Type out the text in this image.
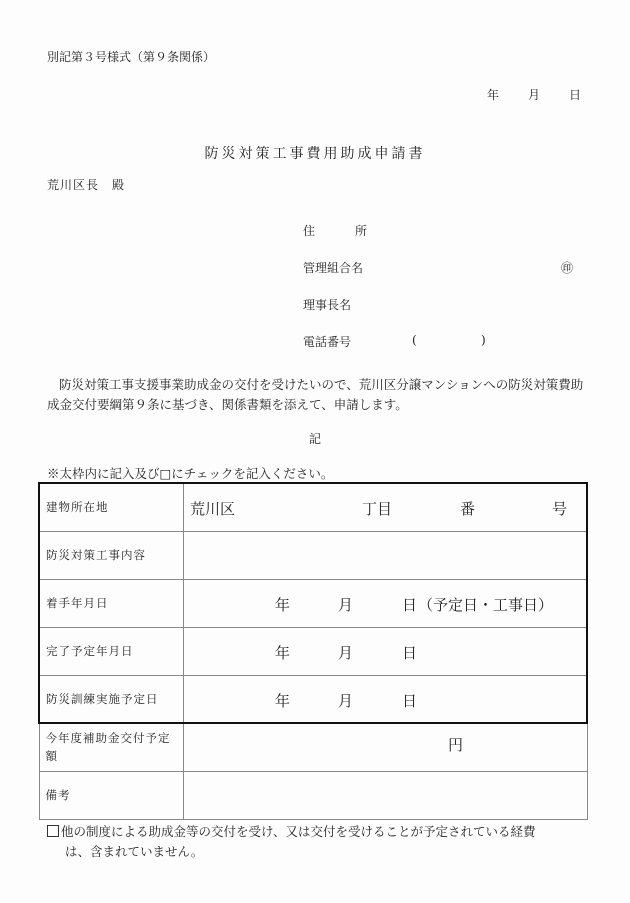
別記第３号様式（第９条関係）
年 月 日
防災対策工事費用助成申請書
荒川区長　殿
住	所
管理組合名	㊞
理事長名
電話番号	(	)
防災対策工事支援事業助成金の交付を受けたいので、荒川区分譲マンションへの防災対策費助成金交付要綱第９条に基づき、関係書類を添えて、申請します。
記
※太枠内に記入及び□にチェックを記入ください。
建物所在地	荒川区 丁目 番 号

防災対策工事内容	
着手年月日	年 月 日 （予定日・工事日）

完了予定年月日	年 月 日

防災訓練実施予定日	年 月 日

今年度補助金交付予定額	円

備考	
他の制度による助成金等の交付を受け、又は交付を受けることが予定されている経費
は、含まれていません。
